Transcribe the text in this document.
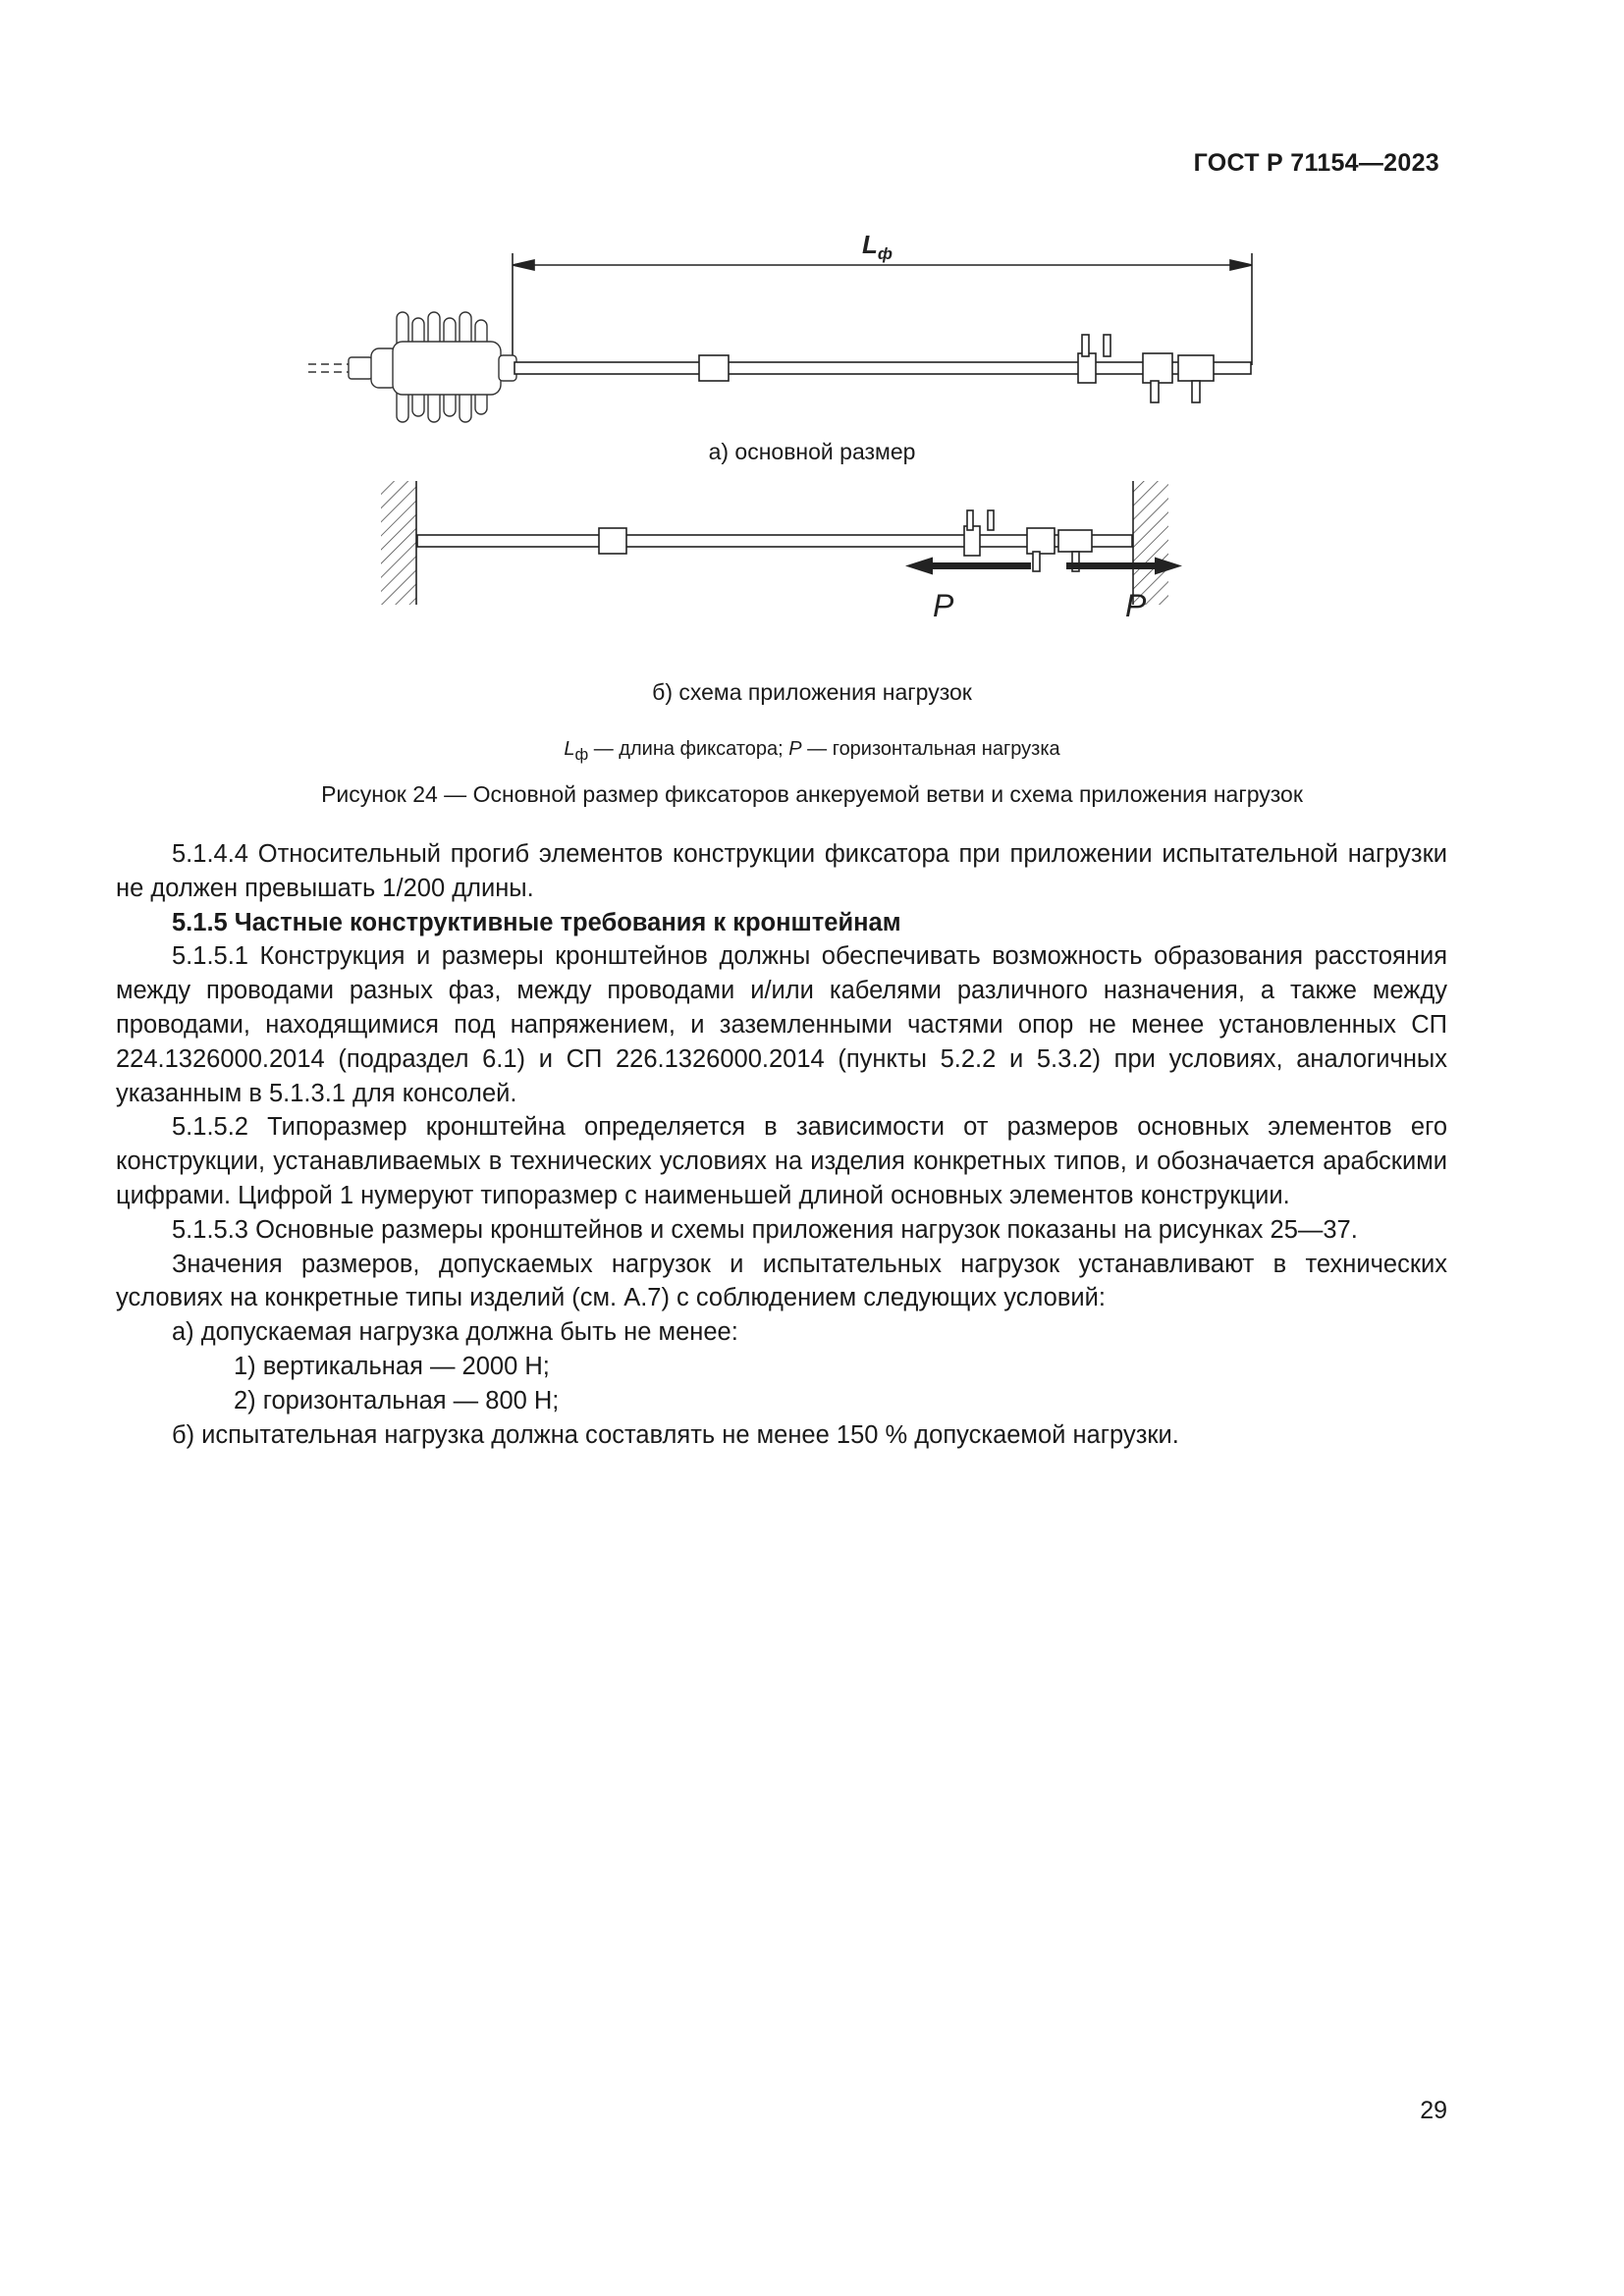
ГОСТ Р 71154—2023
$L_ф$
P	P
а) основной размер
б) схема приложения нагрузок
$L_ф$ — длина фиксатора; P — горизонтальная нагрузка
Рисунок 24 — Основной размер фиксаторов анкеруемой ветви и схема приложения нагрузок

5.1.4.4 Относительный прогиб элементов конструкции фиксатора при приложении испытательной нагрузки не должен превышать 1/200 длины.

5.1.5 Частные конструктивные требования к кронштейнам

5.1.5.1 Конструкция и размеры кронштейнов должны обеспечивать возможность образования расстояния между проводами разных фаз, между проводами и/или кабелями различного назначения, а также между проводами, находящимися под напряжением, и заземленными частями опор не менее установленных СП 224.1326000.2014 (подраздел 6.1) и СП 226.1326000.2014 (пункты 5.2.2 и 5.3.2) при условиях, аналогичных указанным в 5.1.3.1 для консолей.

5.1.5.2 Типоразмер кронштейна определяется в зависимости от размеров основных элементов его конструкции, устанавливаемых в технических условиях на изделия конкретных типов, и обозначается арабскими цифрами. Цифрой 1 нумеруют типоразмер с наименьшей длиной основных элементов конструкции.

5.1.5.3 Основные размеры кронштейнов и схемы приложения нагрузок показаны на рисунках 25—37.

Значения размеров, допускаемых нагрузок и испытательных нагрузок устанавливают в технических условиях на конкретные типы изделий (см. А.7) с соблюдением следующих условий:

а) допускаемая нагрузка должна быть не менее:

1) вертикальная — 2000 Н;

2) горизонтальная — 800 Н;

б) испытательная нагрузка должна составлять не менее 150 % допускаемой нагрузки.

29
